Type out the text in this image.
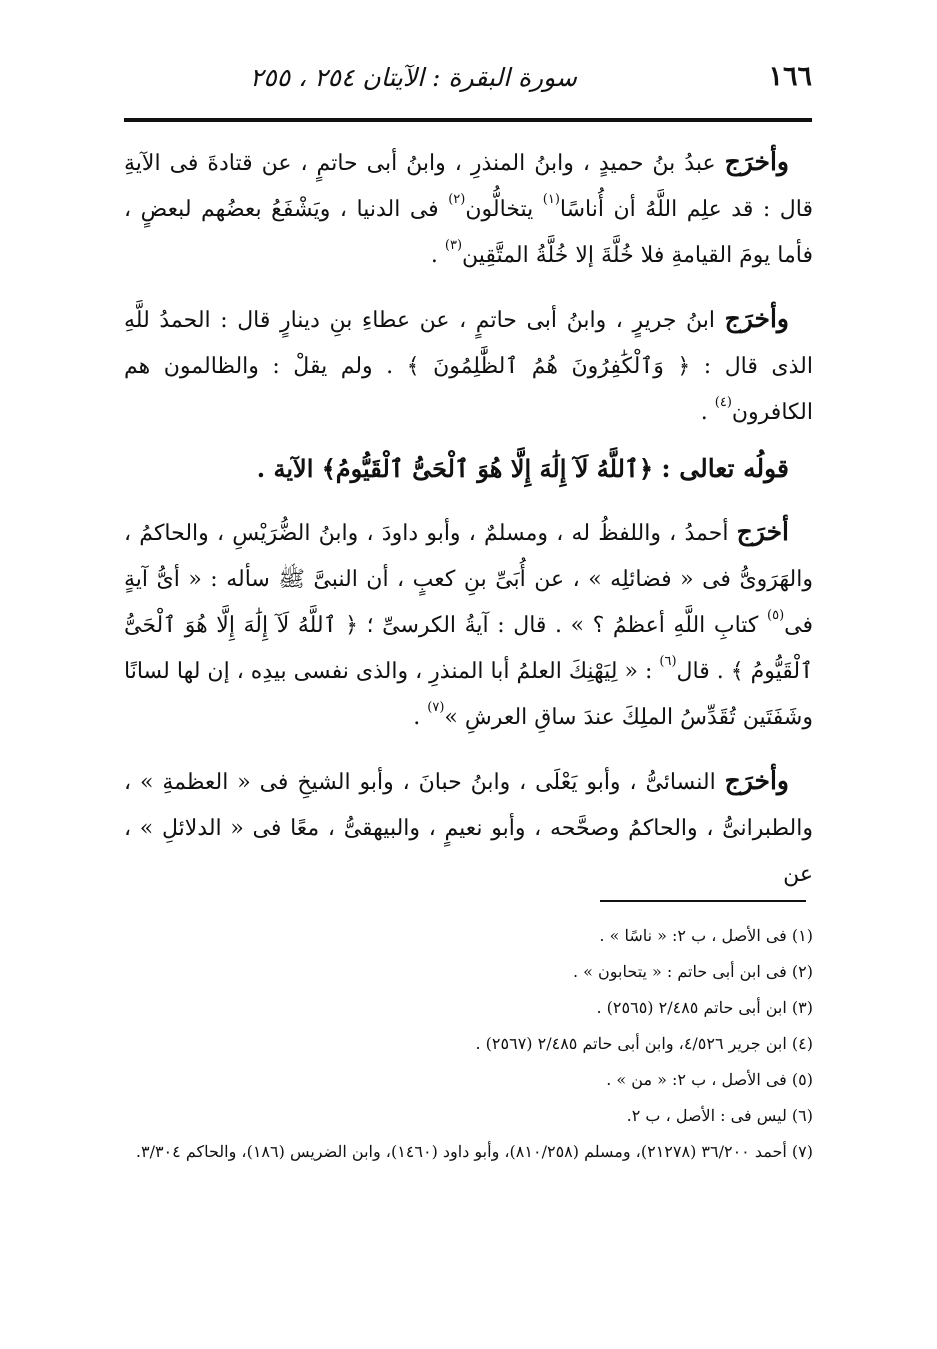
١٦٦
سورة البقرة : الآيتان ٢٥٤ ، ٢٥٥

وأخرَج عبدُ بنُ حميدٍ ، وابنُ المنذرِ ، وابنُ أبى حاتمٍ ، عن قتادةَ فى الآيةِ قال : قد علِم اللَّهُ أن أُناسًا$^{(١)}$ يتخالُّون$^{(٢)}$ فى الدنيا ، ويَشْفَعُ بعضُهم لبعضٍ ، فأما يومَ القيامةِ فلا خُلَّةَ إلا خُلَّةُ المتَّقِين$^{(٣)}$ .

وأخرَج ابنُ جريرٍ ، وابنُ أبى حاتمٍ ، عن عطاءِ بنِ دينارٍ قال : الحمدُ للَّهِ الذى قال : ﴿ وَٱلْكَٰفِرُونَ هُمُ ٱلظَّٰلِمُونَ ﴾ . ولم يقلْ : والظالمون هم الكافرون$^{(٤)}$ .

قولُه تعالى : ﴿ٱللَّهُ لَآ إِلَٰهَ إِلَّا هُوَ ٱلْحَىُّ ٱلْقَيُّومُ﴾ الآية .

أخرَج أحمدُ ، واللفظُ له ، ومسلمٌ ، وأبو داودَ ، وابنُ الضُّرَيْسِ ، والحاكمُ ، والهَرَوىُّ فى « فضائلِه » ، عن أُبَىِّ بنِ كعبٍ ، أن النبىَّ ﷺ سأله : « أىُّ آيةٍ فى$^{(٥)}$ كتابِ اللَّهِ أعظمُ ؟ » . قال : آيةُ الكرسىِّ ؛ ﴿ ٱللَّهُ لَآ إِلَٰهَ إِلَّا هُوَ ٱلْحَىُّ ٱلْقَيُّومُ ﴾ . قال$^{(٦)}$ : « لِيَهْنِكَ العلمُ أبا المنذرِ ، والذى نفسى بيدِه ، إن لها لسانًا وشَفَتَين تُقَدِّسُ الملِكَ عندَ ساقِ العرشِ »$^{(٧)}$ .

وأخرَج النسائىُّ ، وأبو يَعْلَى ، وابنُ حبانَ ، وأبو الشيخِ فى « العظمةِ » ، والطبرانىُّ ، والحاكمُ وصحَّحه ، وأبو نعيمٍ ، والبيهقىُّ ، معًا فى « الدلائلِ » ، عن

(١) فى الأصل ، ب ٢: « ناسًا » .

(٢) فى ابن أبى حاتم : « يتحابون » .

(٣) ابن أبى حاتم ٢/٤٨٥ (٢٥٦٥) .

(٤) ابن جرير ٤/٥٢٦، وابن أبى حاتم ٢/٤٨٥ (٢٥٦٧) .

(٥) فى الأصل ، ب ٢: « من » .

(٦) ليس فى : الأصل ، ب ٢.

(٧) أحمد ٣٦/٢٠٠ (٢١٢٧٨)، ومسلم (٨١٠/٢٥٨)، وأبو داود (١٤٦٠)، وابن الضريس (١٨٦)، والحاكم ٣/٣٠٤.
